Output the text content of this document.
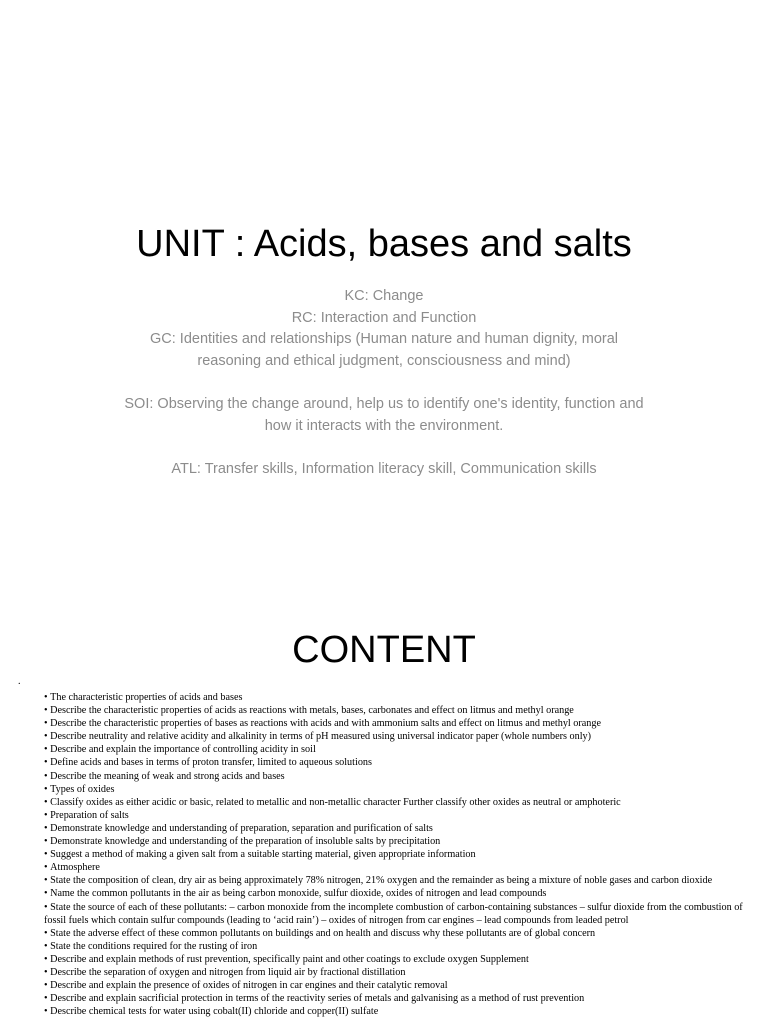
UNIT : Acids, bases and salts

KC: Change

RC: Interaction and Function

GC: Identities and relationships (Human nature and human dignity, moral reasoning and ethical judgment, consciousness and mind)

SOI: Observing the change around, help us to identify one's identity, function and how it interacts with the environment.

ATL: Transfer skills, Information literacy skill, Communication skills

CONTENT
.
• The characteristic properties of acids and bases
• Describe the characteristic properties of acids as reactions with metals, bases, carbonates and effect on litmus and methyl orange
• Describe the characteristic properties of bases as reactions with acids and with ammonium salts and effect on litmus and methyl orange
• Describe neutrality and relative acidity and alkalinity in terms of pH measured using universal indicator paper (whole numbers only)
• Describe and explain the importance of controlling acidity in soil
• Define acids and bases in terms of proton transfer, limited to aqueous solutions
• Describe the meaning of weak and strong acids and bases
• Types of oxides
• Classify oxides as either acidic or basic, related to metallic and non-metallic character Further classify other oxides as neutral or amphoteric
• Preparation of salts
• Demonstrate knowledge and understanding of preparation, separation and purification of salts
• Demonstrate knowledge and understanding of the preparation of insoluble salts by precipitation
• Suggest a method of making a given salt from a suitable starting material, given appropriate information
• Atmosphere
• State the composition of clean, dry air as being approximately 78% nitrogen, 21% oxygen and the remainder as being a mixture of noble gases and carbon dioxide
• Name the common pollutants in the air as being carbon monoxide, sulfur dioxide, oxides of nitrogen and lead compounds
• State the source of each of these pollutants: – carbon monoxide from the incomplete combustion of carbon-containing substances – sulfur dioxide from the combustion of fossil fuels which contain sulfur compounds (leading to ‘acid rain’) – oxides of nitrogen from car engines – lead compounds from leaded petrol
• State the adverse effect of these common pollutants on buildings and on health and discuss why these pollutants are of global concern
• State the conditions required for the rusting of iron
• Describe and explain methods of rust prevention, specifically paint and other coatings to exclude oxygen Supplement
• Describe the separation of oxygen and nitrogen from liquid air by fractional distillation
• Describe and explain the presence of oxides of nitrogen in car engines and their catalytic removal
• Describe and explain sacrificial protection in terms of the reactivity series of metals and galvanising as a method of rust prevention
• Describe chemical tests for water using cobalt(II) chloride and copper(II) sulfate
